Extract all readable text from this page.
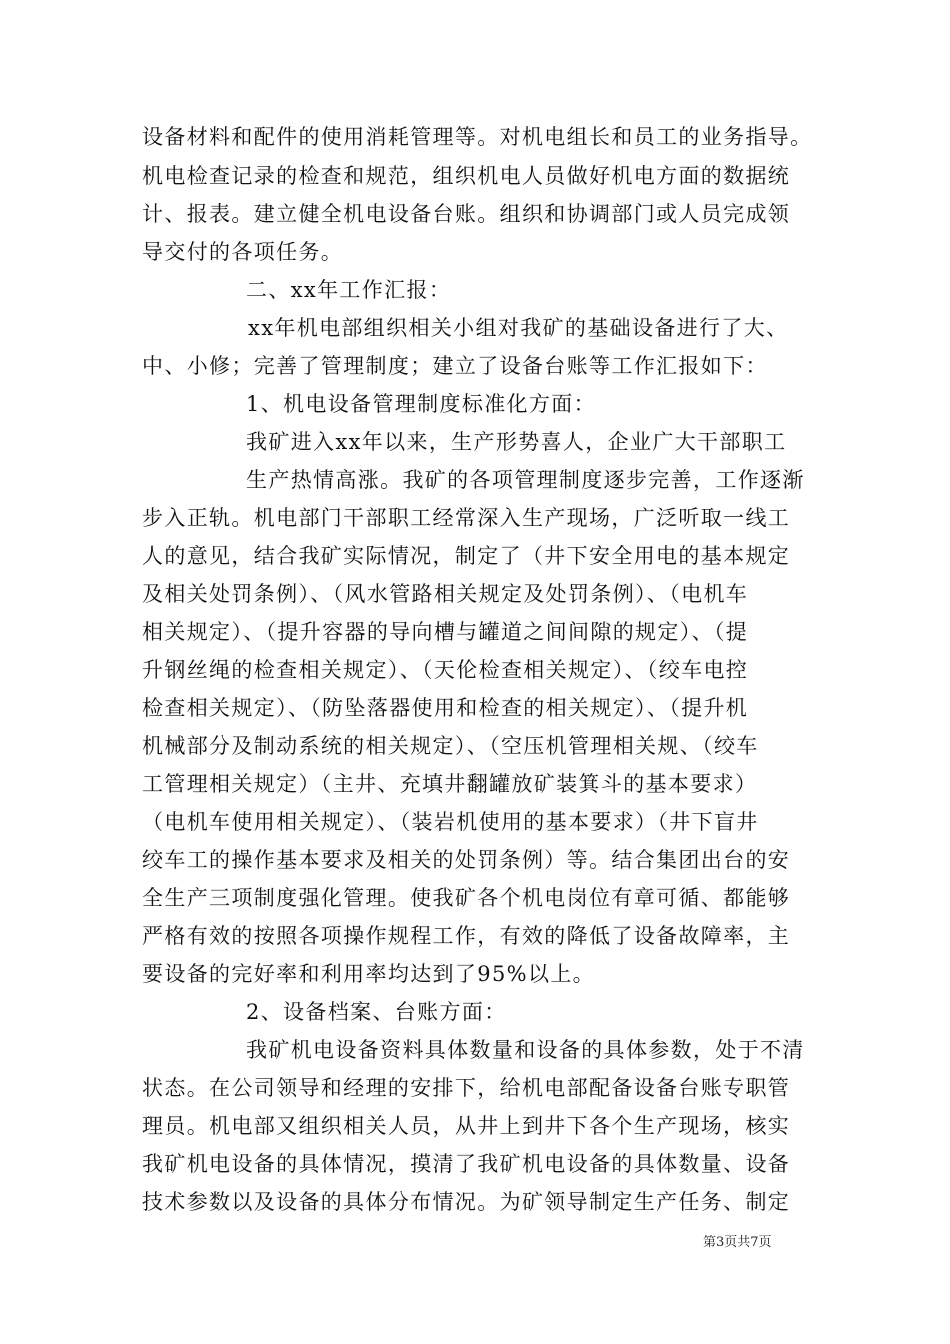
设备材料和配件的使用消耗管理等。对机电组长和员工的业务指导。
机电检查记录的检查和规范，组织机电人员做好机电方面的数据统
计、报表。建立健全机电设备台账。组织和协调部门或人员完成领
导交付的各项任务。
二、xx年工作汇报：
xx年机电部组织相关小组对我矿的基础设备进行了大、
中、小修；完善了管理制度；建立了设备台账等工作汇报如下：
1、机电设备管理制度标准化方面：
我矿进入xx年以来，生产形势喜人，企业广大干部职工
生产热情高涨。我矿的各项管理制度逐步完善，工作逐渐
步入正轨。机电部门干部职工经常深入生产现场，广泛听取一线工
人的意见，结合我矿实际情况，制定了（井下安全用电的基本规定
及相关处罚条例）、（风水管路相关规定及处罚条例）、（电机车
相关规定）、（提升容器的导向槽与罐道之间间隙的规定）、（提
升钢丝绳的检查相关规定）、（天伦检查相关规定）、（绞车电控
检查相关规定）、（防坠落器使用和检查的相关规定）、（提升机
机械部分及制动系统的相关规定）、（空压机管理相关规、（绞车
工管理相关规定）（主井、充填井翻罐放矿装箕斗的基本要求）
（电机车使用相关规定）、（装岩机使用的基本要求）（井下盲井
绞车工的操作基本要求及相关的处罚条例）等。结合集团出台的安
全生产三项制度强化管理。使我矿各个机电岗位有章可循、都能够
严格有效的按照各项操作规程工作，有效的降低了设备故障率，主
要设备的完好率和利用率均达到了95%以上。
2、设备档案、台账方面：
我矿机电设备资料具体数量和设备的具体参数，处于不清
状态。在公司领导和经理的安排下，给机电部配备设备台账专职管
理员。机电部又组织相关人员，从井上到井下各个生产现场，核实
我矿机电设备的具体情况，摸清了我矿机电设备的具体数量、设备
技术参数以及设备的具体分布情况。为矿领导制定生产任务、制定
第3页共7页
